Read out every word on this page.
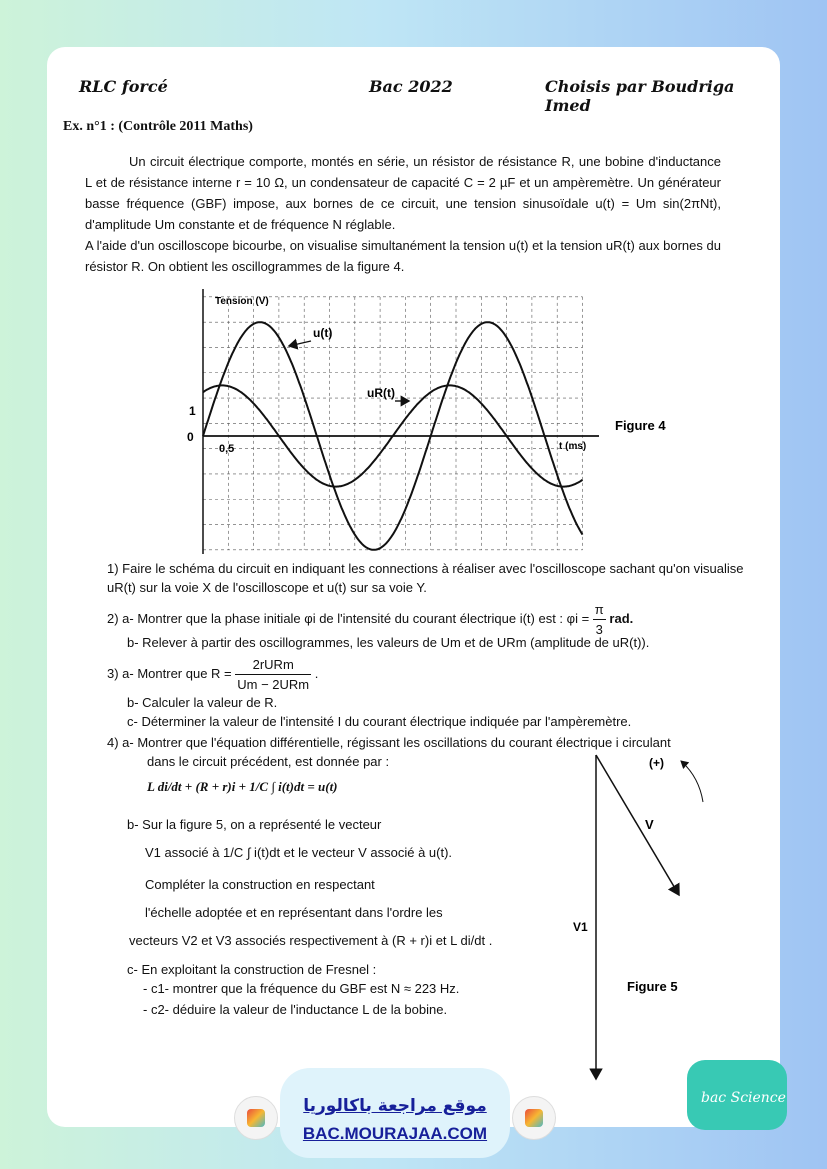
RLC forcé	Bac 2022	Choisis par Boudriga Imed
Ex. n°1 : (Contrôle 2011 Maths)

Un circuit électrique comporte, montés en série, un résistor de résistance R, une bobine d'inductance L et de résistance interne r = 10 Ω, un condensateur de capacité C = 2 µF et un ampèremètre. Un générateur basse fréquence (GBF) impose, aux bornes de ce circuit, une tension sinusoïdale u(t) = Um sin(2πNt), d'amplitude Um constante et de fréquence N réglable.

A l'aide d'un oscilloscope bicourbe, on visualise simultanément la tension u(t) et la tension uR(t) aux bornes du résistor R. On obtient les oscillogrammes de la figure 4.

Tension (V)
t (ms)
1
0
0,5
u(t)
uR(t)
Figure 4
1) Faire le schéma du circuit en indiquant les connections à réaliser avec l'oscilloscope sachant qu'on visualise uR(t) sur la voie X de l'oscilloscope et u(t) sur sa voie Y.
2) a- Montrer que la phase initiale φi de l'intensité du courant électrique i(t) est : $\varphi i = \frac{\pi}{3}$ rad.
b- Relever à partir des oscillogrammes, les valeurs de Um et de URm (amplitude de uR(t)).
3) a- Montrer que $R = \frac{\text{2rURm}}{\text{Um − 2URm}}$ .
b- Calculer la valeur de R.
c- Déterminer la valeur de l'intensité I du courant électrique indiquée par l'ampèremètre.
4) a- Montrer que l'équation différentielle, régissant les oscillations du courant électrique i circulant
dans le circuit précédent, est donnée par :
L di/dt + (R + r)i + 1/C ∫ i(t)dt = u(t)
b- Sur la figure 5, on a représenté le vecteur
V1 associé à 1/C ∫ i(t)dt et le vecteur V associé à u(t).
Compléter la construction en respectant
l'échelle adoptée et en représentant dans l'ordre les
vecteurs V2 et V3 associés respectivement à (R + r)i et L di/dt .
c- En exploitant la construction de Fresnel :
- c1- montrer que la fréquence du GBF est N ≈ 223 Hz.
- c2- déduire la valeur de l'inductance L de la bobine.
(+)
V
V1
Figure 5
موقع مراجعة باكالوريا
BAC.MOURAJAA.COM
bac Science
